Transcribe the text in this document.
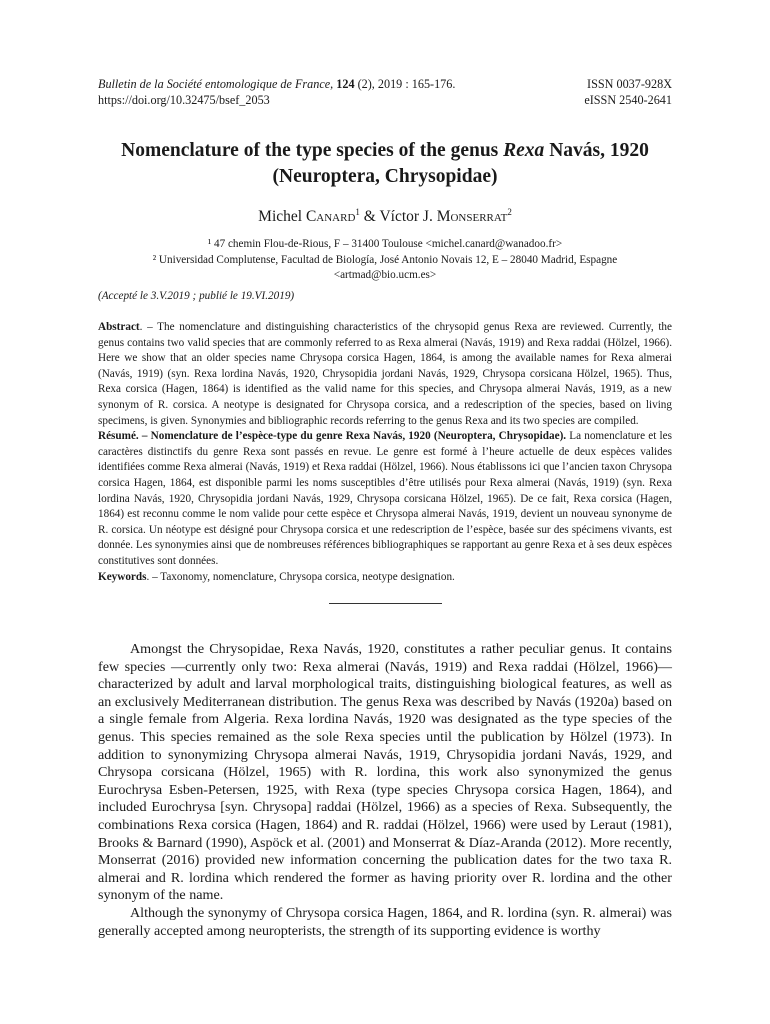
Bulletin de la Société entomologique de France, 124 (2), 2019 : 165-176.
https://doi.org/10.32475/bsef_2053
ISSN 0037-928X
eISSN 2540-2641
Nomenclature of the type species of the genus Rexa Navás, 1920
(Neuroptera, Chrysopidae)
Michel Canard$^1$ & Víctor J. Monserrat$^2$
¹ 47 chemin Flou-de-Rious, F – 31400 Toulouse <michel.canard@wanadoo.fr>
² Universidad Complutense, Facultad de Biología, José Antonio Novais 12, E – 28040 Madrid, Espagne
<artmad@bio.ucm.es>
(Accepté le 3.V.2019 ; publié le 19.VI.2019)

Abstract. – The nomenclature and distinguishing characteristics of the chrysopid genus Rexa are reviewed. Currently, the genus contains two valid species that are commonly referred to as Rexa almerai (Navás, 1919) and Rexa raddai (Hölzel, 1966). Here we show that an older species name Chrysopa corsica Hagen, 1864, is among the available names for Rexa almerai (Navás, 1919) (syn. Rexa lordina Navás, 1920, Chrysopidia jordani Navás, 1929, Chrysopa corsicana Hölzel, 1965). Thus, Rexa corsica (Hagen, 1864) is identified as the valid name for this species, and Chrysopa almerai Navás, 1919, as a new synonym of R. corsica. A neotype is designated for Chrysopa corsica, and a redescription of the species, based on living specimens, is given. Synonymies and bibliographic records referring to the genus Rexa and its two species are compiled.

Résumé. – Nomenclature de l’espèce-type du genre Rexa Navás, 1920 (Neuroptera, Chrysopidae). La nomenclature et les caractères distinctifs du genre Rexa sont passés en revue. Le genre est formé à l’heure actuelle de deux espèces valides identifiées comme Rexa almerai (Navás, 1919) et Rexa raddai (Hölzel, 1966). Nous établissons ici que l’ancien taxon Chrysopa corsica Hagen, 1864, est disponible parmi les noms susceptibles d’être utilisés pour Rexa almerai (Navás, 1919) (syn. Rexa lordina Navás, 1920, Chrysopidia jordani Navás, 1929, Chrysopa corsicana Hölzel, 1965). De ce fait, Rexa corsica (Hagen, 1864) est reconnu comme le nom valide pour cette espèce et Chrysopa almerai Navás, 1919, devient un nouveau synonyme de R. corsica. Un néotype est désigné pour Chrysopa corsica et une redescription de l’espèce, basée sur des spécimens vivants, est donnée. Les synonymies ainsi que de nombreuses références bibliographiques se rapportant au genre Rexa et à ses deux espèces constitutives sont données.

Keywords. – Taxonomy, nomenclature, Chrysopa corsica, neotype designation.

Amongst the Chrysopidae, Rexa Navás, 1920, constitutes a rather peculiar genus. It contains few species —currently only two: Rexa almerai (Navás, 1919) and Rexa raddai (Hölzel, 1966)— characterized by adult and larval morphological traits, distinguishing biological features, as well as an exclusively Mediterranean distribution. The genus Rexa was described by Navás (1920a) based on a single female from Algeria. Rexa lordina Navás, 1920 was designated as the type species of the genus. This species remained as the sole Rexa species until the publication by Hölzel (1973). In addition to synonymizing Chrysopa almerai Navás, 1919, Chrysopidia jordani Navás, 1929, and Chrysopa corsicana (Hölzel, 1965) with R. lordina, this work also synonymized the genus Eurochrysa Esben-Petersen, 1925, with Rexa (type species Chrysopa corsica Hagen, 1864), and included Eurochrysa [syn. Chrysopa] raddai (Hölzel, 1966) as a species of Rexa. Subsequently, the combinations Rexa corsica (Hagen, 1864) and R. raddai (Hölzel, 1966) were used by Leraut (1981), Brooks & Barnard (1990), Aspöck et al. (2001) and Monserrat & Díaz-Aranda (2012). More recently, Monserrat (2016) provided new information concerning the publication dates for the two taxa R. almerai and R. lordina which rendered the former as having priority over R. lordina and the other synonym of the name.

Although the synonymy of Chrysopa corsica Hagen, 1864, and R. lordina (syn. R. almerai) was generally accepted among neuropterists, the strength of its supporting evidence is worthy
